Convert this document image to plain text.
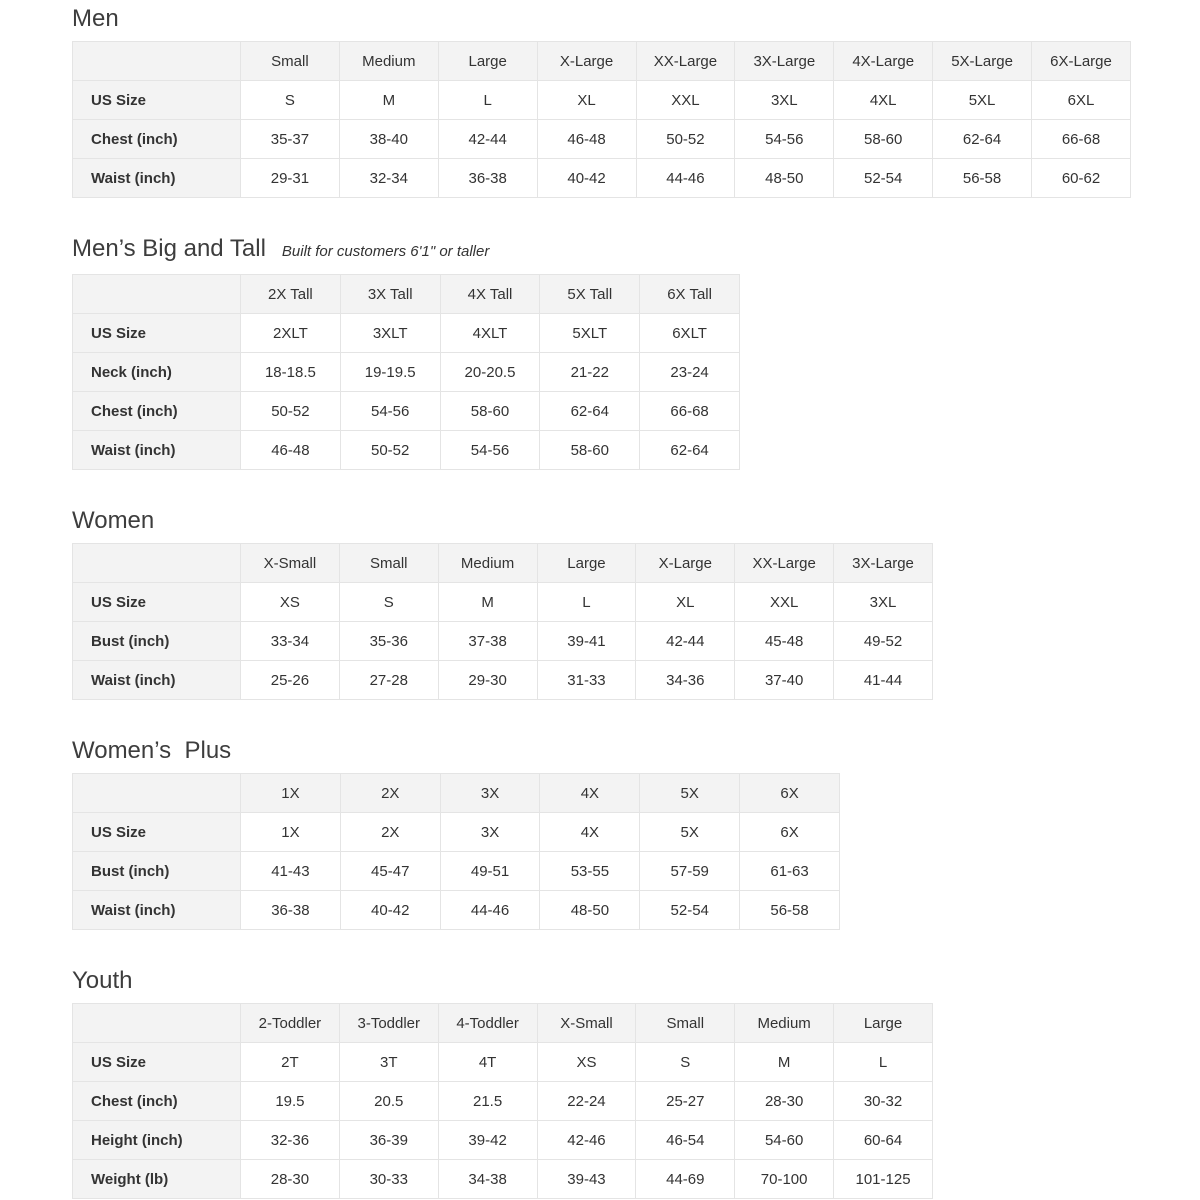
Men
	Small	Medium	Large	X-Large	XX-Large	3X-Large	4X-Large	5X-Large	6X-Large
US Size	S	M	L	XL	XXL	3XL	4XL	5XL	6XL
Chest (inch)	35-37	38-40	42-44	46-48	50-52	54-56	58-60	62-64	66-68
Waist (inch)	29-31	32-34	36-38	40-42	44-46	48-50	52-54	56-58	60-62
Men’s Big and Tall Built for customers 6'1" or taller
	2X Tall	3X Tall	4X Tall	5X Tall	6X Tall
US Size	2XLT	3XLT	4XLT	5XLT	6XLT
Neck (inch)	18-18.5	19-19.5	20-20.5	21-22	23-24
Chest (inch)	50-52	54-56	58-60	62-64	66-68
Waist (inch)	46-48	50-52	54-56	58-60	62-64
Women
	X-Small	Small	Medium	Large	X-Large	XX-Large	3X-Large
US Size	XS	S	M	L	XL	XXL	3XL
Bust (inch)	33-34	35-36	37-38	39-41	42-44	45-48	49-52
Waist (inch)	25-26	27-28	29-30	31-33	34-36	37-40	41-44
Women’s  Plus
	1X	2X	3X	4X	5X	6X
US Size	1X	2X	3X	4X	5X	6X
Bust (inch)	41-43	45-47	49-51	53-55	57-59	61-63
Waist (inch)	36-38	40-42	44-46	48-50	52-54	56-58
Youth
	2-Toddler	3-Toddler	4-Toddler	X-Small	Small	Medium	Large
US Size	2T	3T	4T	XS	S	M	L
Chest (inch)	19.5	20.5	21.5	22-24	25-27	28-30	30-32
Height (inch)	32-36	36-39	39-42	42-46	46-54	54-60	60-64
Weight (lb)	28-30	30-33	34-38	39-43	44-69	70-100	101-125
